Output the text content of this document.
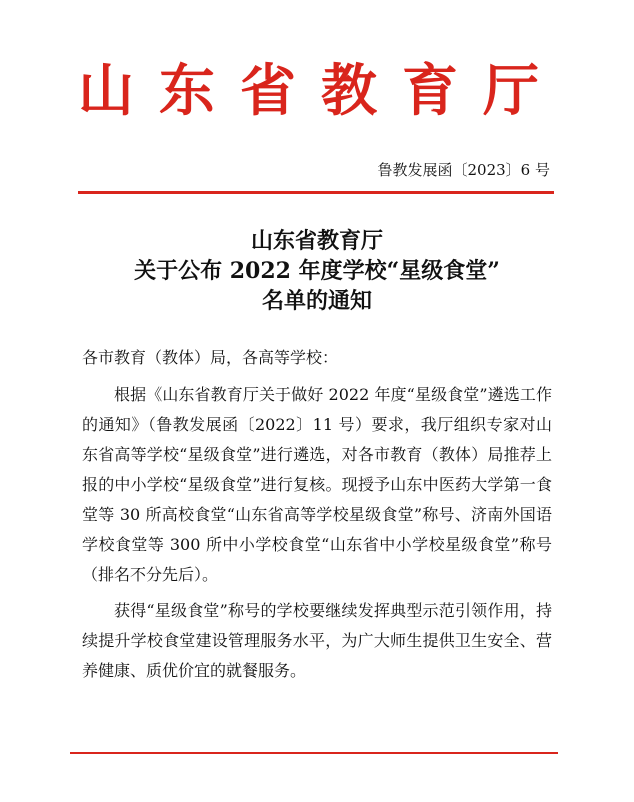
山东省教育厅
鲁教发展函〔2023〕6 号
山东省教育厅
关于公布 2022 年度学校“星级食堂”
名单的通知
各市教育（教体）局，各高等学校：
根据《山东省教育厅关于做好 2022 年度“星级食堂”遴选工作的通知》（鲁教发展函〔2022〕11 号）要求，我厅组织专家对山东省高等学校“星级食堂”进行遴选，对各市教育（教体）局推荐上报的中小学校“星级食堂”进行复核。现授予山东中医药大学第一食堂等 30 所高校食堂“山东省高等学校星级食堂”称号、济南外国语学校食堂等 300 所中小学校食堂“山东省中小学校星级食堂”称号（排名不分先后）。
获得“星级食堂”称号的学校要继续发挥典型示范引领作用，持续提升学校食堂建设管理服务水平，为广大师生提供卫生安全、营养健康、质优价宜的就餐服务。
